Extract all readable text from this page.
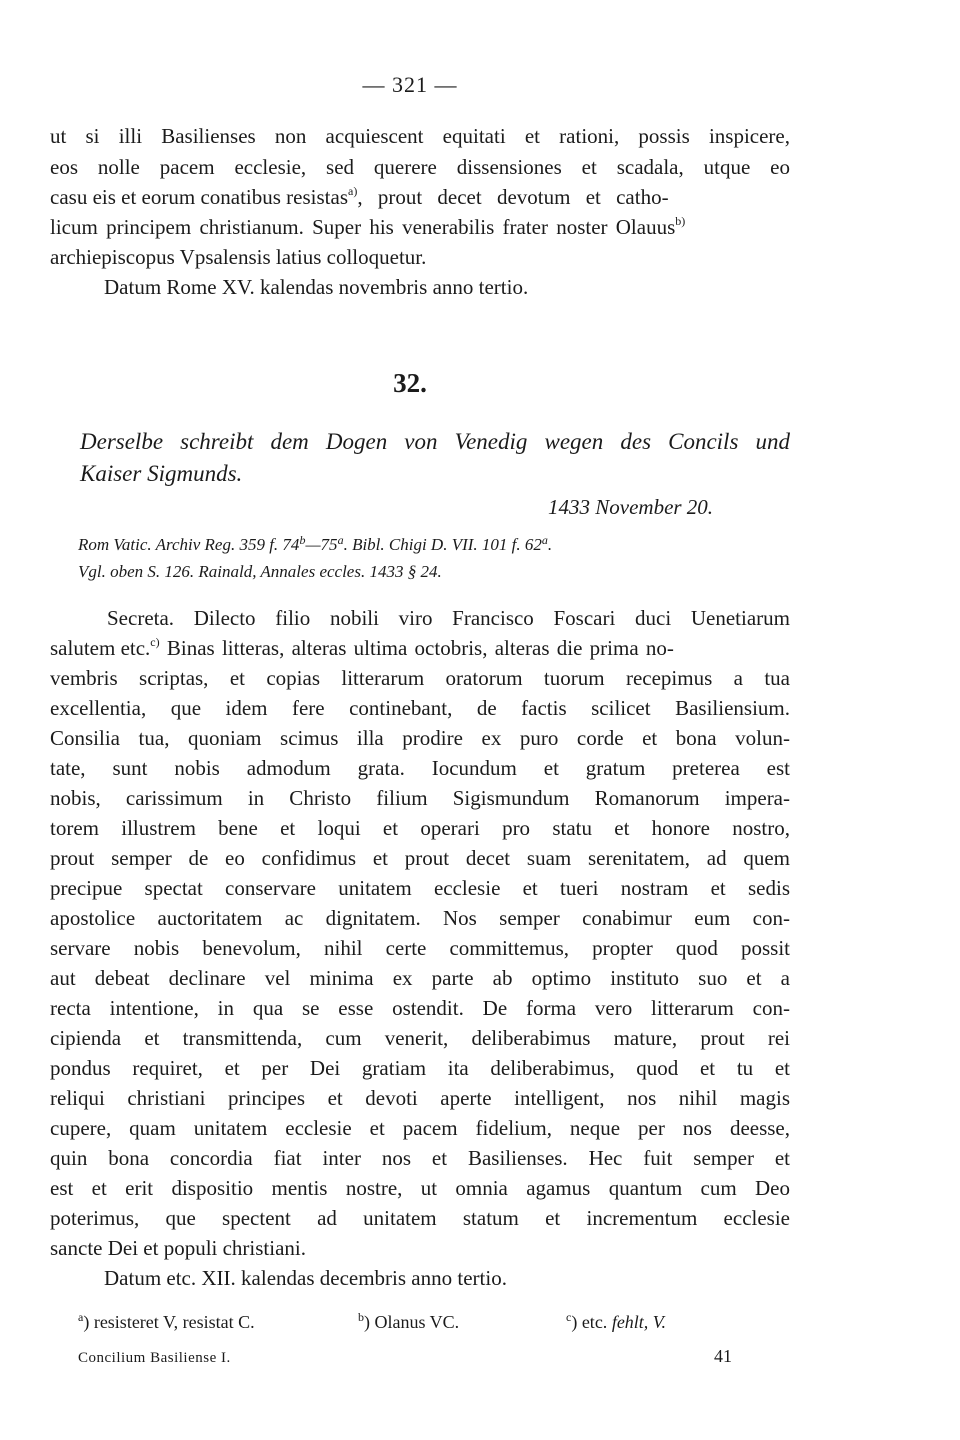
— 321 —
ut si illi Basilienses non acquiescent equitati et rationi, possis inspicere,
eos nolle pacem ecclesie, sed querere dissensiones et scadala, utque eo
casu eis et eorum conatibus resistas$^{a)}$, prout decet devotum et catho-
licum principem christianum. Super his venerabilis frater noster Olauus$^{b)}$
archiepiscopus Vpsalensis latius colloquetur.
Datum Rome XV. kalendas novembris anno tertio.
32.
Derselbe schreibt dem Dogen von Venedig wegen des Concils und
Kaiser Sigmunds.
1433 November 20.
Rom Vatic. Archiv Reg. 359 f. 74$^b$—75$^a$. Bibl. Chigi D. VII. 101 f. 62$^a$.
Vgl. oben S. 126. Rainald, Annales eccles. 1433 § 24.
Secreta. Dilecto filio nobili viro Francisco Foscari duci Uenetiarum
salutem etc.$^{c)}$ Binas litteras, alteras ultima octobris, alteras die prima no-
vembris scriptas, et copias litterarum oratorum tuorum recepimus a tua
excellentia, que idem fere continebant, de factis scilicet Basiliensium.
Consilia tua, quoniam scimus illa prodire ex puro corde et bona volun-
tate, sunt nobis admodum grata. Iocundum et gratum preterea est
nobis, carissimum in Christo filium Sigismundum Romanorum impera-
torem illustrem bene et loqui et operari pro statu et honore nostro,
prout semper de eo confidimus et prout decet suam serenitatem, ad quem
precipue spectat conservare unitatem ecclesie et tueri nostram et sedis
apostolice auctoritatem ac dignitatem. Nos semper conabimur eum con-
servare nobis benevolum, nihil certe committemus, propter quod possit
aut debeat declinare vel minima ex parte ab optimo instituto suo et a
recta intentione, in qua se esse ostendit. De forma vero litterarum con-
cipienda et transmittenda, cum venerit, deliberabimus mature, prout rei
pondus requiret, et per Dei gratiam ita deliberabimus, quod et tu et
reliqui christiani principes et devoti aperte intelligent, nos nihil magis
cupere, quam unitatem ecclesie et pacem fidelium, neque per nos deesse,
quin bona concordia fiat inter nos et Basilienses. Hec fuit semper et
est et erit dispositio mentis nostre, ut omnia agamus quantum cum Deo
poterimus, que spectent ad unitatem statum et incrementum ecclesie
sancte Dei et populi christiani.
Datum etc. XII. kalendas decembris anno tertio.
$^a$) resisteret V, resistat C.	$^b$) Olanus VC.	$^c$) etc. fehlt, V.
Concilium Basiliense I.	41
